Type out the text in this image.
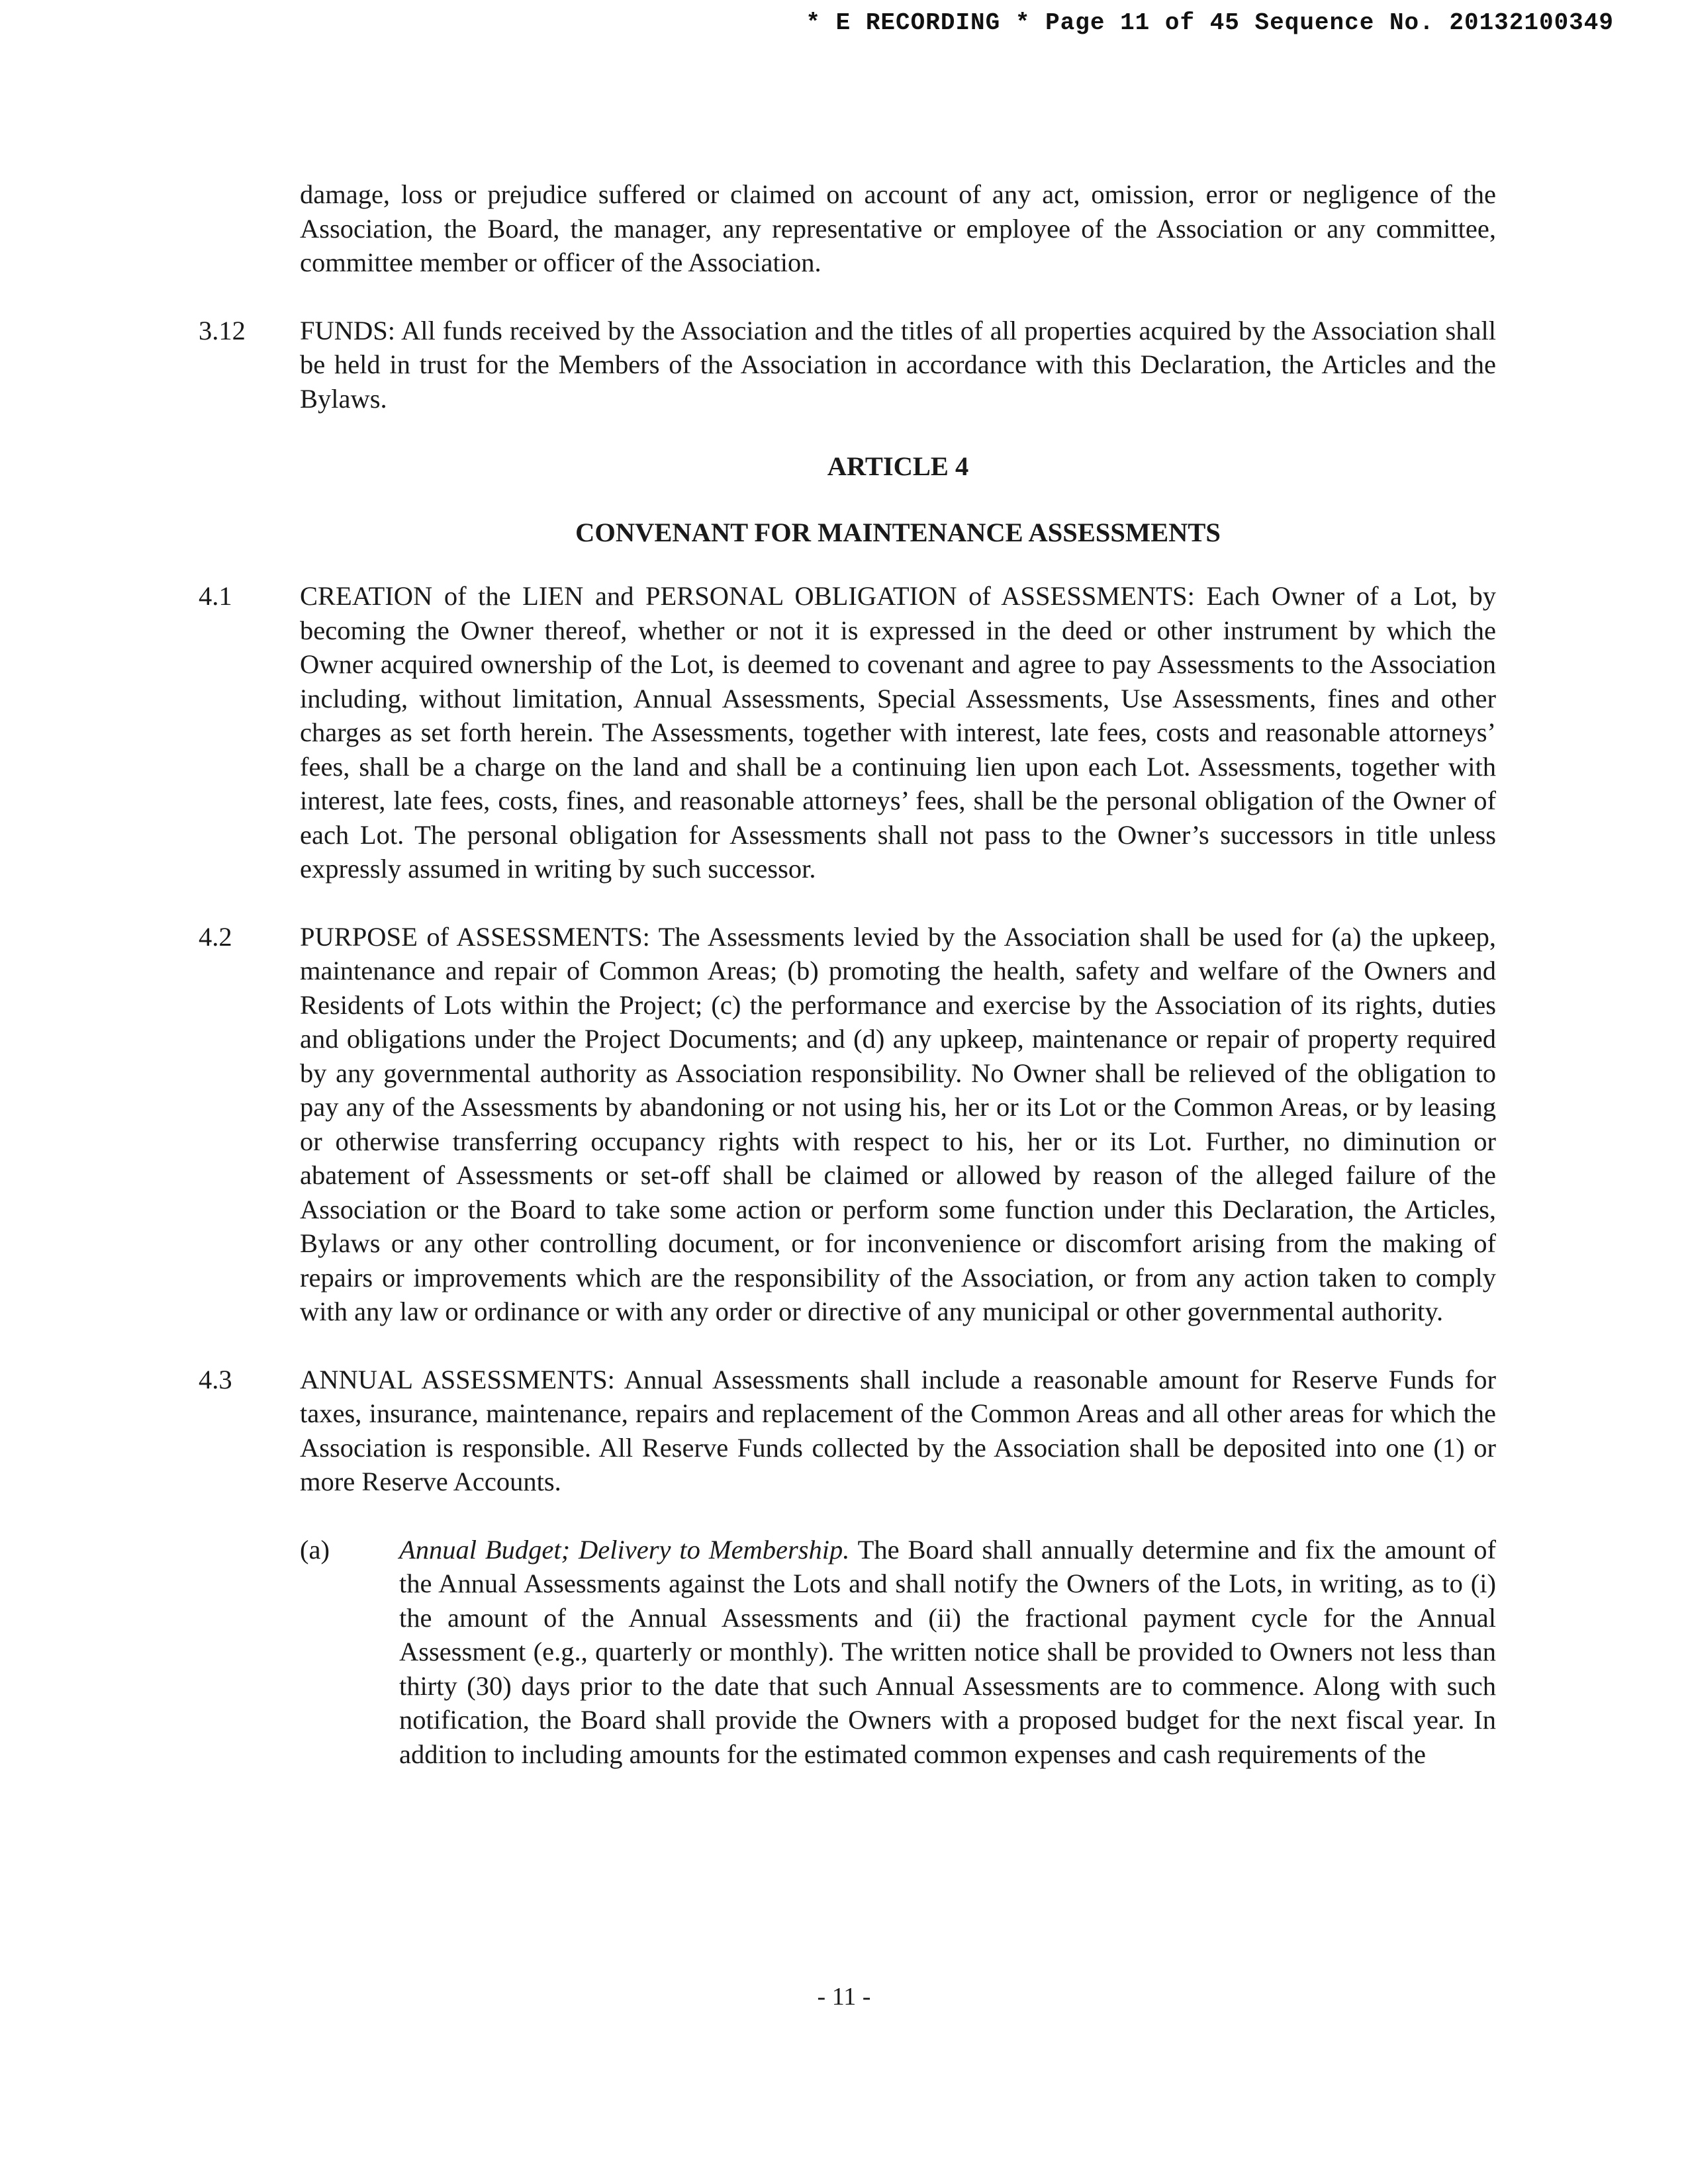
* E RECORDING * Page 11 of 45 Sequence No. 20132100349
damage, loss or prejudice suffered or claimed on account of any act, omission, error or negligence of the Association, the Board, the manager, any representative or employee of the Association or any committee, committee member or officer of the Association.
3.12 FUNDS: All funds received by the Association and the titles of all properties acquired by the Association shall be held in trust for the Members of the Association in accordance with this Declaration, the Articles and the Bylaws.

ARTICLE 4

CONVENANT FOR MAINTENANCE ASSESSMENTS

4.1	CREATION of the LIEN and PERSONAL OBLIGATION of ASSESSMENTS: Each Owner of a Lot, by becoming the Owner thereof, whether or not it is expressed in the deed or other instrument by which the Owner acquired ownership of the Lot, is deemed to covenant and agree to pay Assessments to the Association including, without limitation, Annual Assessments, Special Assessments, Use Assessments, fines and other charges as set forth herein. The Assessments, together with interest, late fees, costs and reasonable attorneys’ fees, shall be a charge on the land and shall be a continuing lien upon each Lot. Assessments, together with interest, late fees, costs, fines, and reasonable attorneys’ fees, shall be the personal obligation of the Owner of each Lot. The personal obligation for Assessments shall not pass to the Owner’s successors in title unless expressly assumed in writing by such successor.
4.2	PURPOSE of ASSESSMENTS: The Assessments levied by the Association shall be used for (a) the upkeep, maintenance and repair of Common Areas; (b) promoting the health, safety and welfare of the Owners and Residents of Lots within the Project; (c) the performance and exercise by the Association of its rights, duties and obligations under the Project Documents; and (d) any upkeep, maintenance or repair of property required by any governmental authority as Association responsibility. No Owner shall be relieved of the obligation to pay any of the Assessments by abandoning or not using his, her or its Lot or the Common Areas, or by leasing or otherwise transferring occupancy rights with respect to his, her or its Lot. Further, no diminution or abatement of Assessments or set-off shall be claimed or allowed by reason of the alleged failure of the Association or the Board to take some action or perform some function under this Declaration, the Articles, Bylaws or any other controlling document, or for inconvenience or discomfort arising from the making of repairs or improvements which are the responsibility of the Association, or from any action taken to comply with any law or ordinance or with any order or directive of any municipal or other governmental authority.
4.3	ANNUAL ASSESSMENTS: Annual Assessments shall include a reasonable amount for Reserve Funds for taxes, insurance, maintenance, repairs and replacement of the Common Areas and all other areas for which the Association is responsible. All Reserve Funds collected by the Association shall be deposited into one (1) or more Reserve Accounts.
(a)	Annual Budget; Delivery to Membership. The Board shall annually determine and fix the amount of the Annual Assessments against the Lots and shall notify the Owners of the Lots, in writing, as to (i) the amount of the Annual Assessments and (ii) the fractional payment cycle for the Annual Assessment (e.g., quarterly or monthly). The written notice shall be provided to Owners not less than thirty (30) days prior to the date that such Annual Assessments are to commence. Along with such notification, the Board shall provide the Owners with a proposed budget for the next fiscal year. In addition to including amounts for the estimated common expenses and cash requirements of the
- 11 -
